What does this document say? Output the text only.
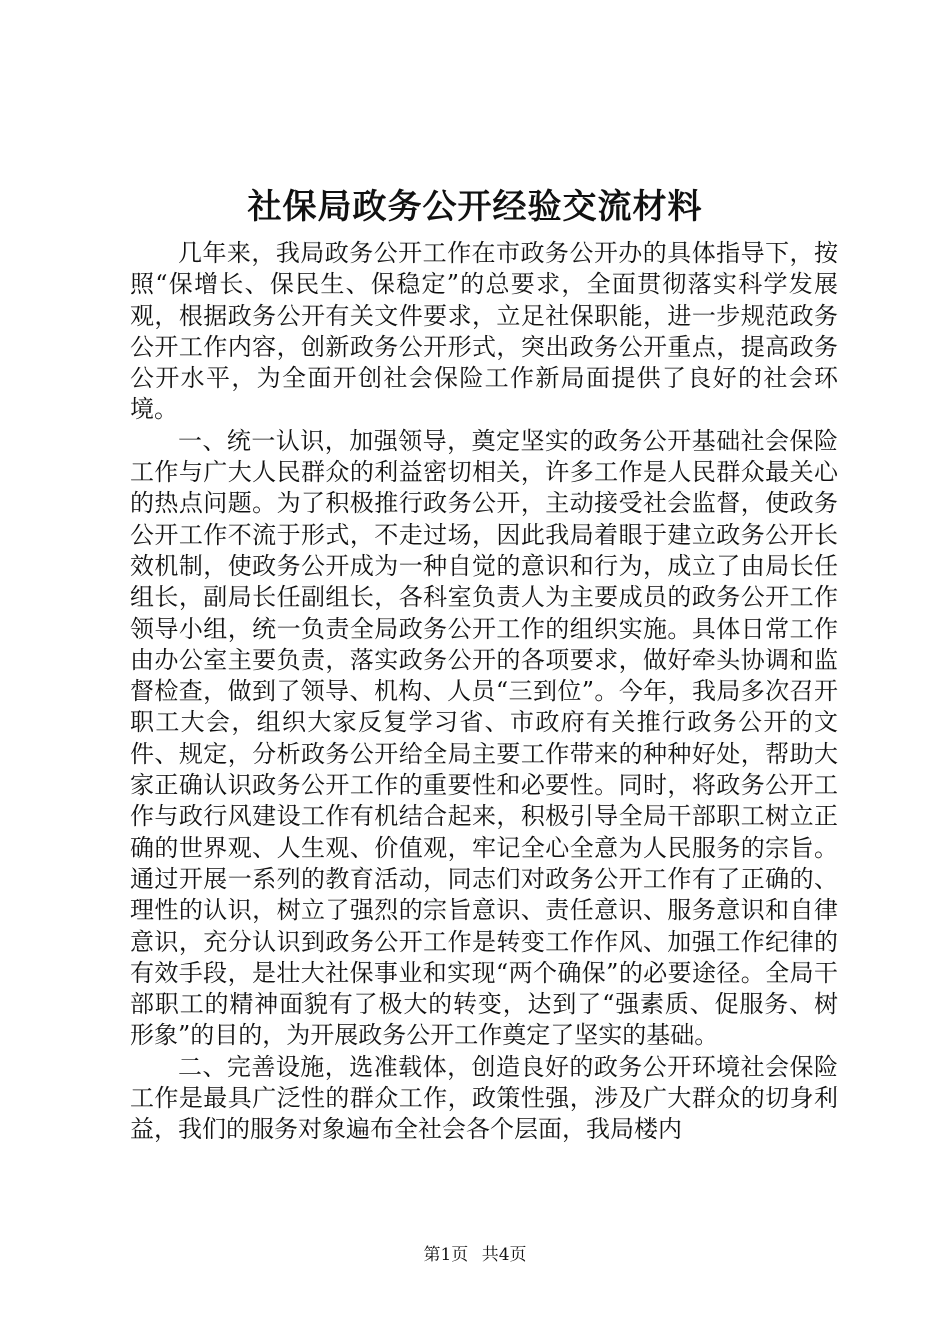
社保局政务公开经验交流材料

几年来，我局政务公开工作在市政务公开办的具体指导下，按照“保增长、保民生、保稳定”的总要求，全面贯彻落实科学发展观，根据政务公开有关文件要求，立足社保职能，进一步规范政务公开工作内容，创新政务公开形式，突出政务公开重点，提高政务公开水平，为全面开创社会保险工作新局面提供了良好的社会环境。

一、统一认识，加强领导，奠定坚实的政务公开基础社会保险工作与广大人民群众的利益密切相关，许多工作是人民群众最关心的热点问题。为了积极推行政务公开，主动接受社会监督，使政务公开工作不流于形式，不走过场，因此我局着眼于建立政务公开长效机制，使政务公开成为一种自觉的意识和行为，成立了由局长任组长，副局长任副组长，各科室负责人为主要成员的政务公开工作领导小组，统一负责全局政务公开工作的组织实施。具体日常工作由办公室主要负责，落实政务公开的各项要求，做好牵头协调和监督检查，做到了领导、机构、人员“三到位”。今年，我局多次召开职工大会，组织大家反复学习省、市政府有关推行政务公开的文件、规定，分析政务公开给全局主要工作带来的种种好处，帮助大家正确认识政务公开工作的重要性和必要性。同时，将政务公开工作与政行风建设工作有机结合起来，积极引导全局干部职工树立正确的世界观、人生观、价值观，牢记全心全意为人民服务的宗旨。通过开展一系列的教育活动，同志们对政务公开工作有了正确的、理性的认识，树立了强烈的宗旨意识、责任意识、服务意识和自律意识，充分认识到政务公开工作是转变工作作风、加强工作纪律的有效手段，是壮大社保事业和实现“两个确保”的必要途径。全局干部职工的精神面貌有了极大的转变，达到了“强素质、促服务、树形象”的目的，为开展政务公开工作奠定了坚实的基础。

二、完善设施，选准载体，创造良好的政务公开环境社会保险工作是最具广泛性的群众工作，政策性强，涉及广大群众的切身利益，我们的服务对象遍布全社会各个层面，我局楼内

第1页 共4页
